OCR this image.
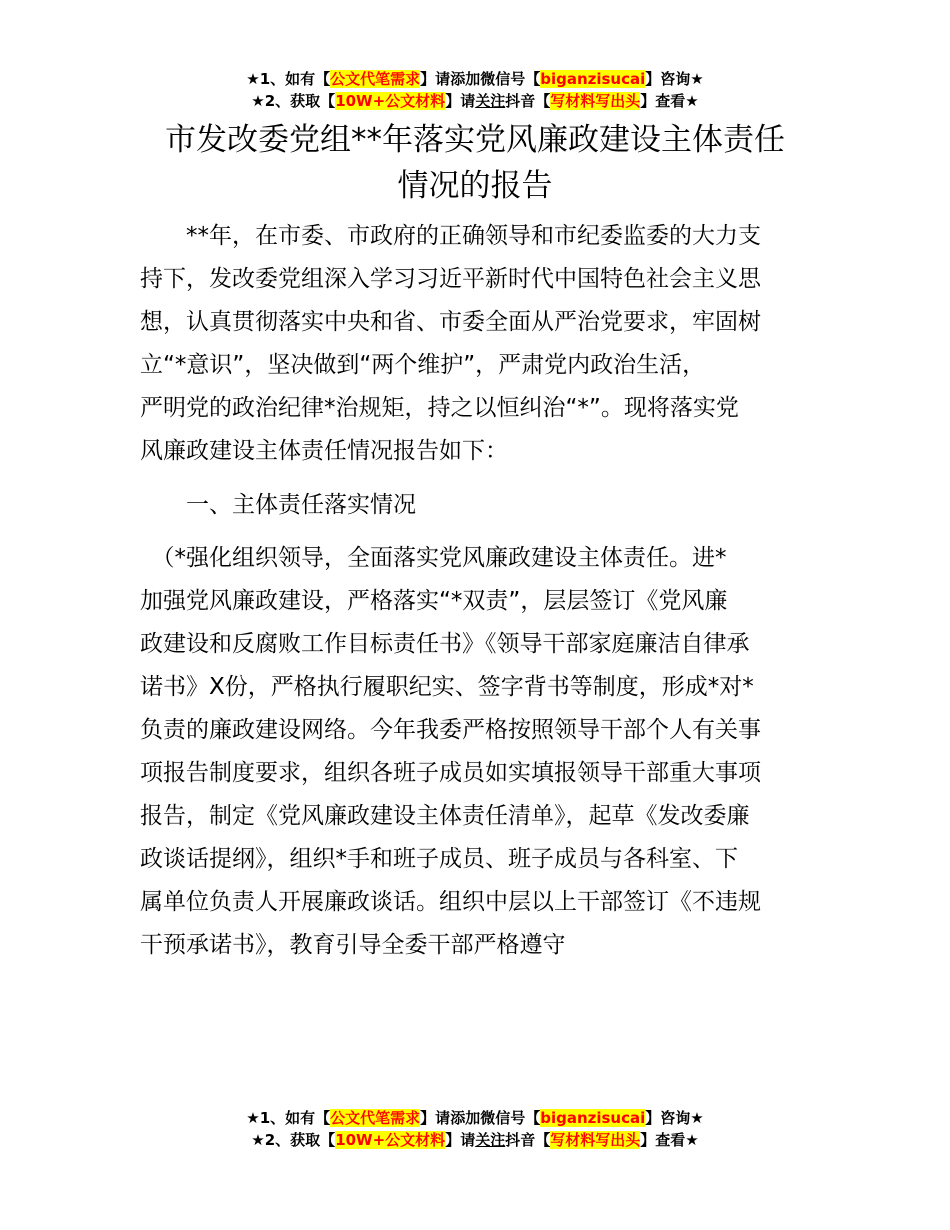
★1、如有【公文代笔需求】请添加微信号【biganzisucai】咨询★
★2、获取【10W+公文材料】请关注抖音【写材料写出头】查看★
市发改委党组**年落实党风廉政建设主体责任
情况的报告
　　**年，在市委、市政府的正确领导和市纪委监委的大力支
持下，发改委党组深入学习习近平新时代中国特色社会主义思
想，认真贯彻落实中央和省、市委全面从严治党要求，牢固树
立“*意识”，坚决做到“两个维护”，严肃党内政治生活，
严明党的政治纪律*治规矩，持之以恒纠治“*”。现将落实党
风廉政建设主体责任情况报告如下：
　　一、主体责任落实情况
　（*强化组织领导，全面落实党风廉政建设主体责任。进*
加强党风廉政建设，严格落实“*双责”，层层签订《党风廉
政建设和反腐败工作目标责任书》《领导干部家庭廉洁自律承
诺书》X份，严格执行履职纪实、签字背书等制度，形成*对*
负责的廉政建设网络。今年我委严格按照领导干部个人有关事
项报告制度要求，组织各班子成员如实填报领导干部重大事项
报告，制定《党风廉政建设主体责任清单》，起草《发改委廉
政谈话提纲》，组织*手和班子成员、班子成员与各科室、下
属单位负责人开展廉政谈话。组织中层以上干部签订《不违规
干预承诺书》，教育引导全委干部严格遵守
★1、如有【公文代笔需求】请添加微信号【biganzisucai】咨询★
★2、获取【10W+公文材料】请关注抖音【写材料写出头】查看★
